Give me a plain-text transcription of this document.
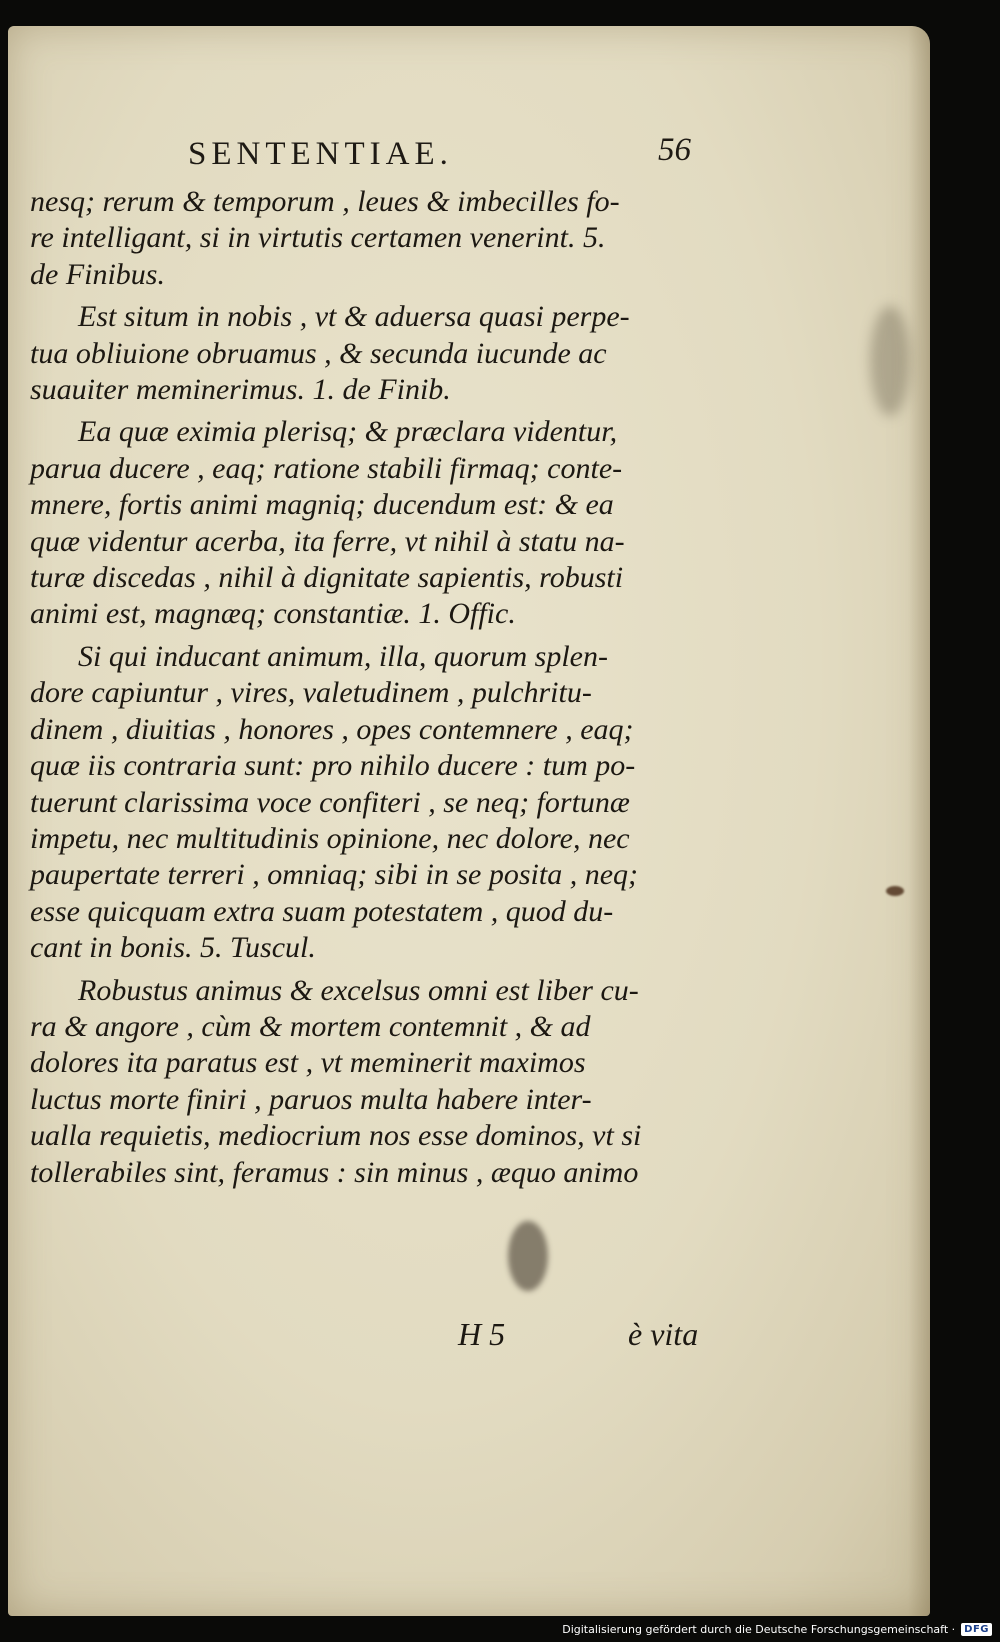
SENTENTIAE.	56

nesq; rerum & temporum , leues & imbecilles fo-
re intelligant, si in virtutis certamen venerint. 5.
de Finibus.

Est situm in nobis , vt & aduersa quasi perpe-
tua obliuione obruamus , & secunda iucunde ac
suauiter meminerimus. 1. de Finib.

Ea quæ eximia plerisq; & præclara videntur,
parua ducere , eaq; ratione stabili firmaq; conte-
mnere, fortis animi magniq; ducendum est: & ea
quæ videntur acerba, ita ferre, vt nihil à statu na-
turæ discedas , nihil à dignitate sapientis, robusti
animi est, magnæq; constantiæ. 1. Offic.

Si qui inducant animum, illa, quorum splen-
dore capiuntur , vires, valetudinem , pulchritu-
dinem , diuitias , honores , opes contemnere , eaq;
quæ iis contraria sunt: pro nihilo ducere : tum po-
tuerunt clarissima voce confiteri , se neq; fortunæ
impetu, nec multitudinis opinione, nec dolore, nec
paupertate terreri , omniaq; sibi in se posita , neq;
esse quicquam extra suam potestatem , quod du-
cant in bonis. 5. Tuscul.

Robustus animus & excelsus omni est liber cu-
ra & angore , cùm & mortem contemnit , & ad
dolores ita paratus est , vt meminerit maximos
luctus morte finiri , paruos multa habere inter-
ualla requietis, mediocrium nos esse dominos, vt si
tollerabiles sint, feramus : sin minus , æquo animo

H 5	è vita
Digitalisierung gefördert durch die Deutsche Forschungsgemeinschaft · DFG
